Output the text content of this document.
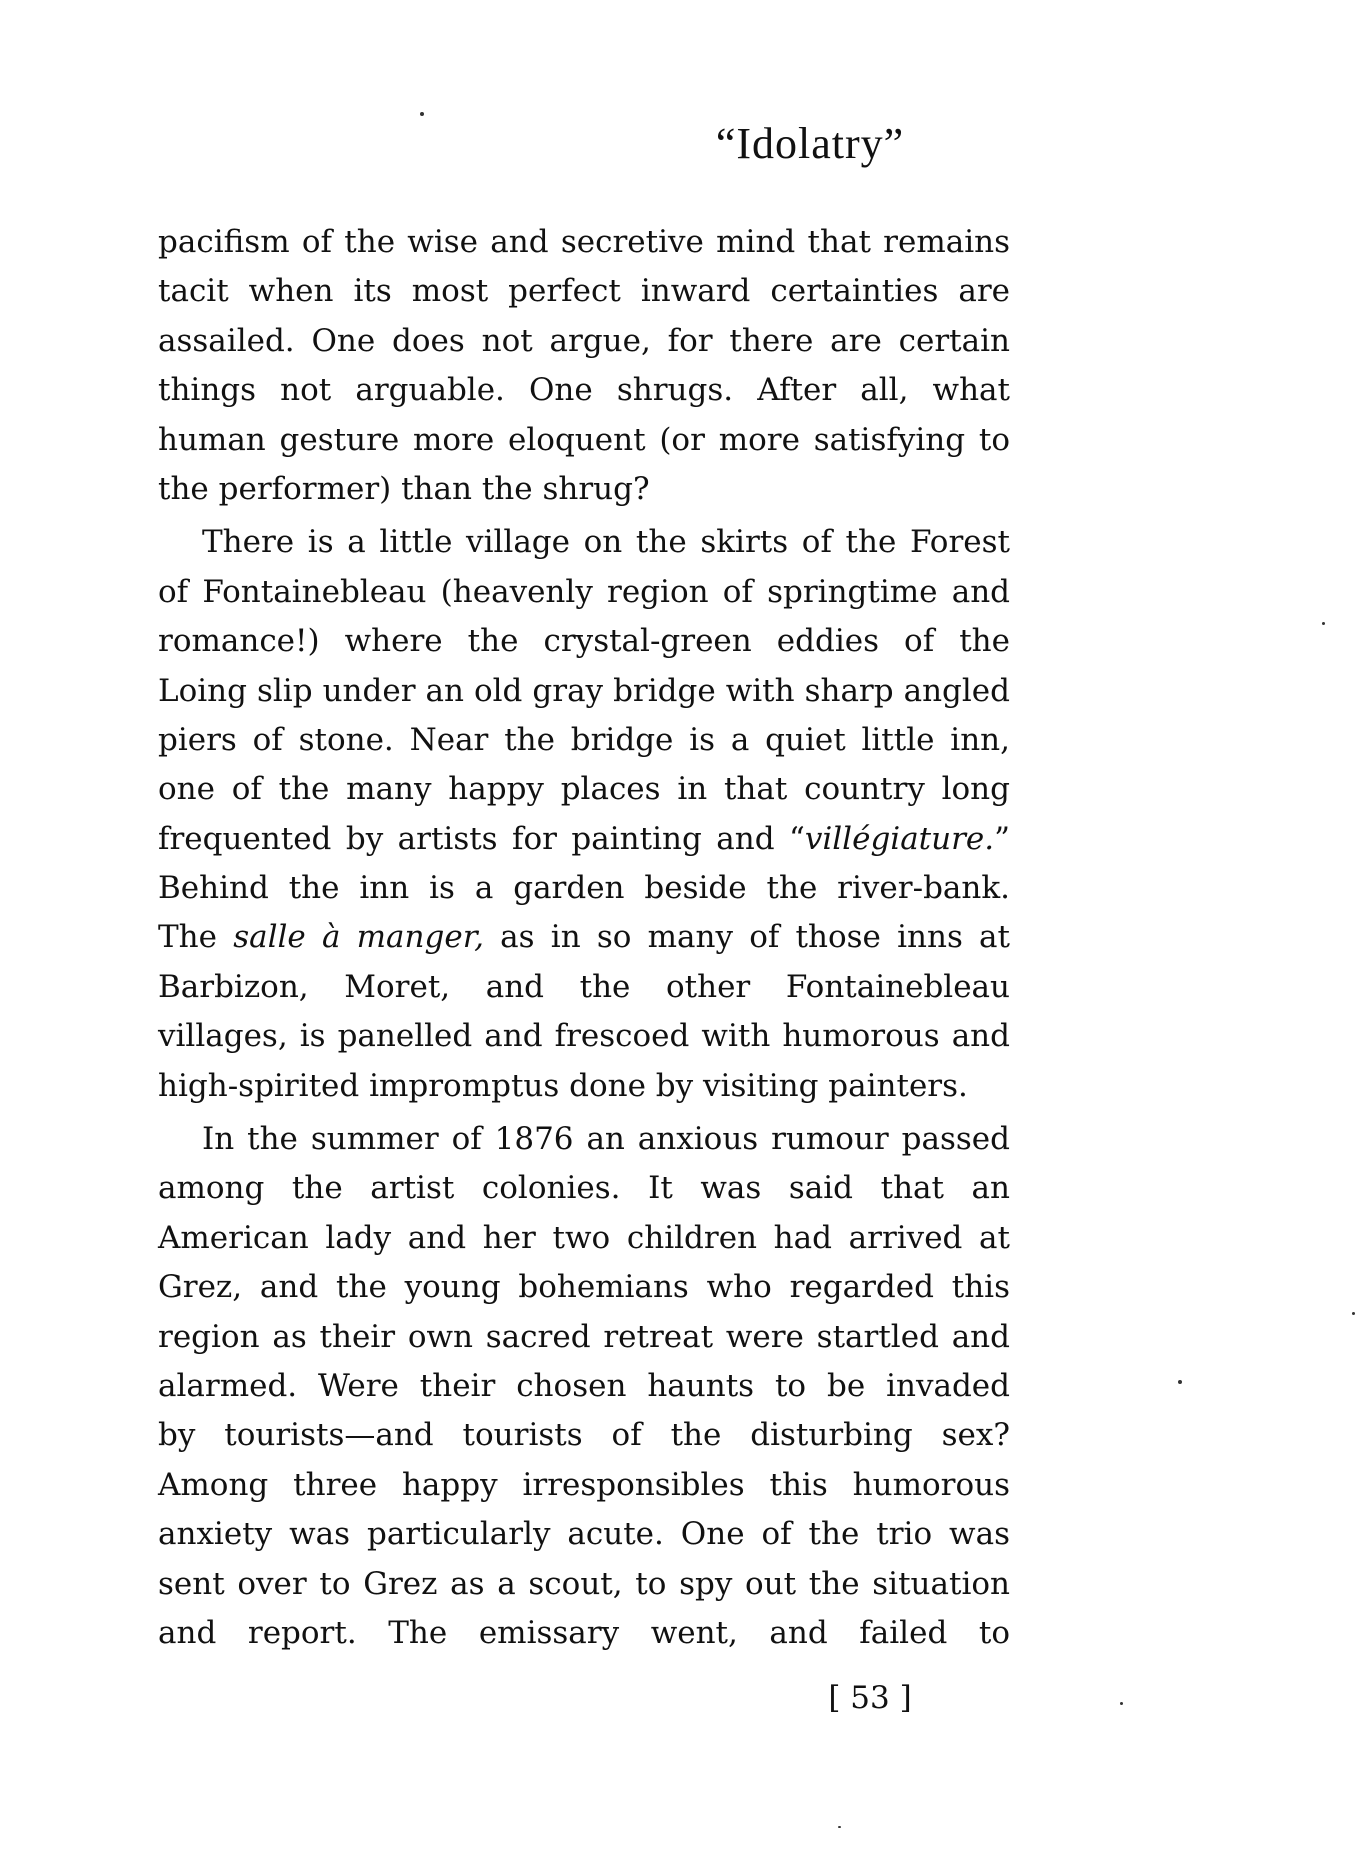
“Idolatry”
pacifism of the wise and secretive mind that remains
tacit when its most perfect inward certainties are
assailed. One does not argue, for there are certain
things not arguable. One shrugs. After all, what
human gesture more eloquent (or more satisfying to
the performer) than the shrug?
There is a little village on the skirts of the Forest
of Fontainebleau (heavenly region of springtime and
romance!) where the crystal-green eddies of the
Loing slip under an old gray bridge with sharp angled
piers of stone. Near the bridge is a quiet little inn,
one of the many happy places in that country long
frequented by artists for painting and “villégiature.”
Behind the inn is a garden beside the river-bank.
The salle à manger, as in so many of those inns at
Barbizon, Moret, and the other Fontainebleau
villages, is panelled and frescoed with humorous and
high-spirited impromptus done by visiting painters.
In the summer of 1876 an anxious rumour passed
among the artist colonies. It was said that an
American lady and her two children had arrived at
Grez, and the young bohemians who regarded this
region as their own sacred retreat were startled and
alarmed. Were their chosen haunts to be invaded
by tourists—and tourists of the disturbing sex?
Among three happy irresponsibles this humorous
anxiety was particularly acute. One of the trio was
sent over to Grez as a scout, to spy out the situation
and report. The emissary went, and failed to
[ 53 ]
